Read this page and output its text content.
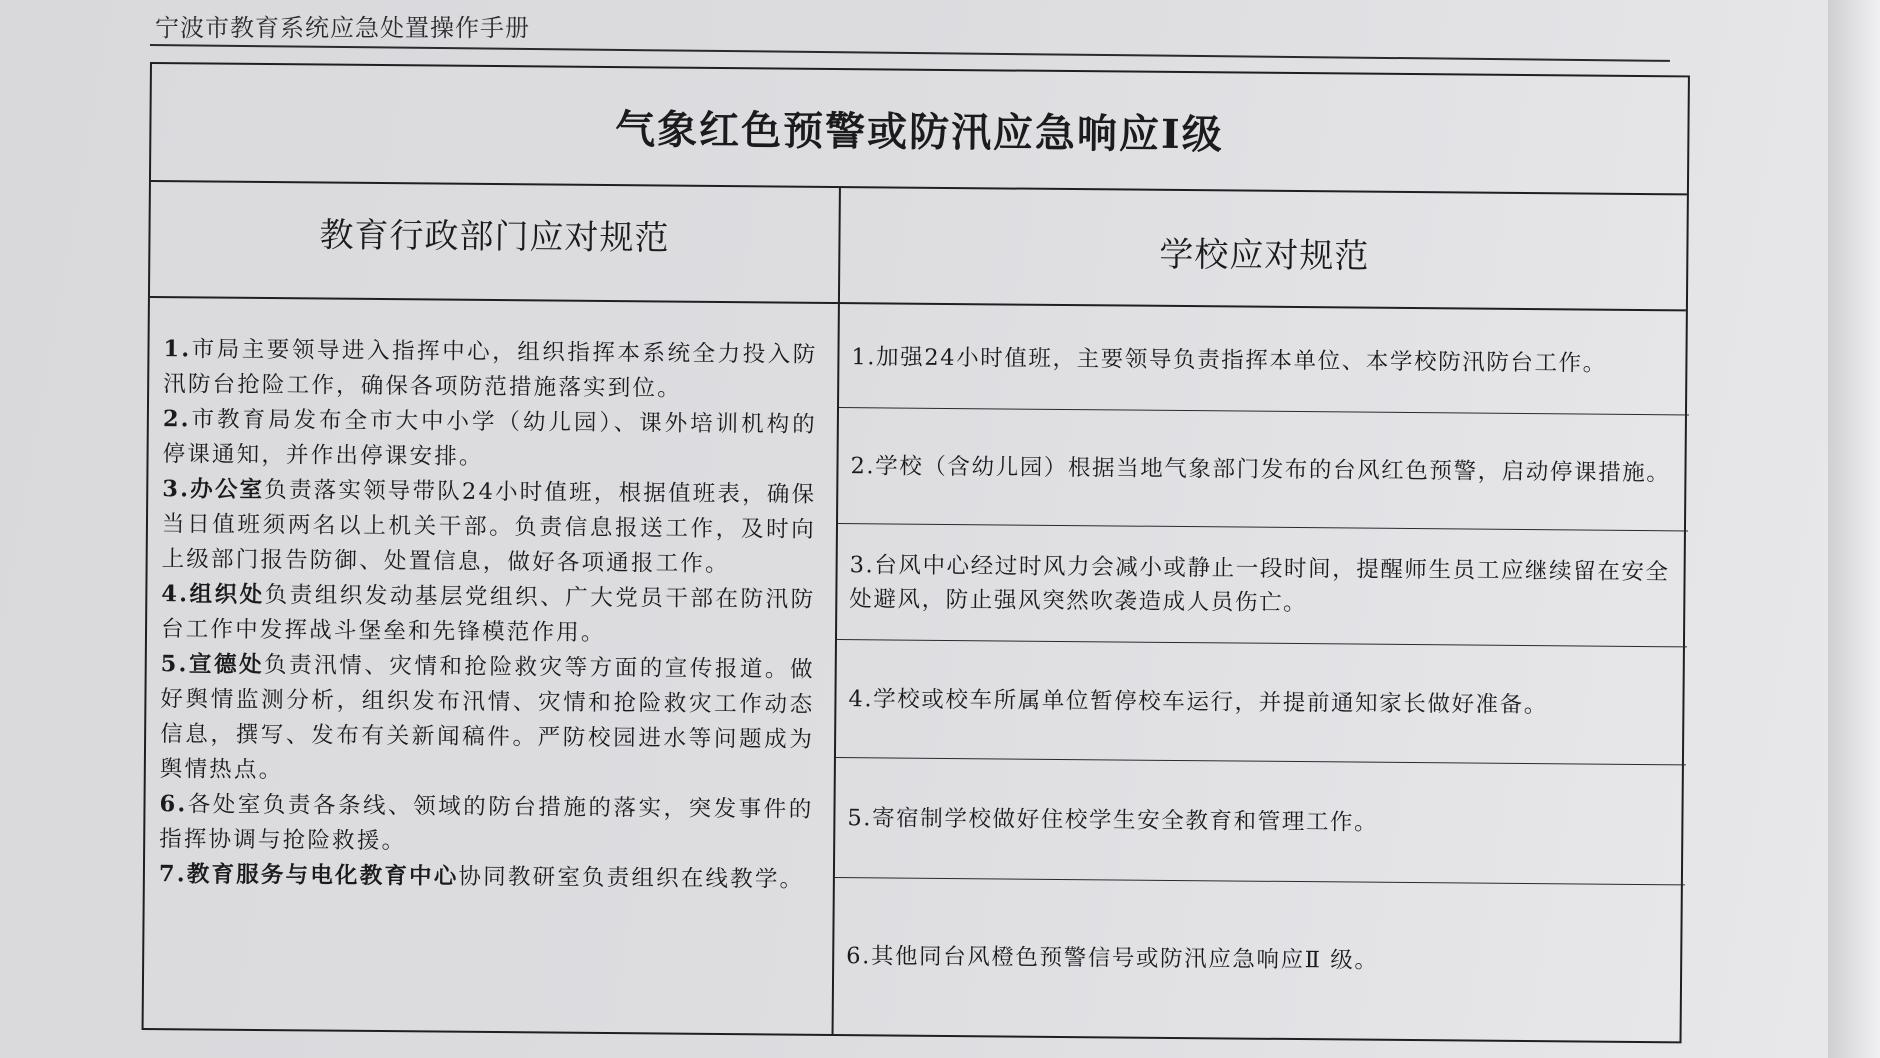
宁波市教育系统应急处置操作手册
气象红色预警或防汛应急响应Ⅰ级
教育行政部门应对规范	学校应对规范

1.市局主要领导进入指挥中心，组织指挥本系统全力投入防汛防台抢险工作，确保各项防范措施落实到位。

2.市教育局发布全市大中小学（幼儿园）、课外培训机构的停课通知，并作出停课安排。

3.办公室负责落实领导带队24小时值班，根据值班表，确保当日值班须两名以上机关干部。负责信息报送工作，及时向上级部门报告防御、处置信息，做好各项通报工作。

4.组织处负责组织发动基层党组织、广大党员干部在防汛防台工作中发挥战斗堡垒和先锋模范作用。

5.宣德处负责汛情、灾情和抢险救灾等方面的宣传报道。做好舆情监测分析，组织发布汛情、灾情和抢险救灾工作动态信息，撰写、发布有关新闻稿件。严防校园进水等问题成为舆情热点。

6.各处室负责各条线、领域的防台措施的落实，突发事件的指挥协调与抢险救援。

7.教育服务与电化教育中心协同教研室负责组织在线教学。

1.加强24小时值班，主要领导负责指挥本单位、本学校防汛防台工作。
2.学校（含幼儿园）根据当地气象部门发布的台风红色预警，启动停课措施。
3.台风中心经过时风力会减小或静止一段时间，提醒师生员工应继续留在安全处避风，防止强风突然吹袭造成人员伤亡。
4.学校或校车所属单位暂停校车运行，并提前通知家长做好准备。
5.寄宿制学校做好住校学生安全教育和管理工作。
6.其他同台风橙色预警信号或防汛应急响应Ⅱ 级。
